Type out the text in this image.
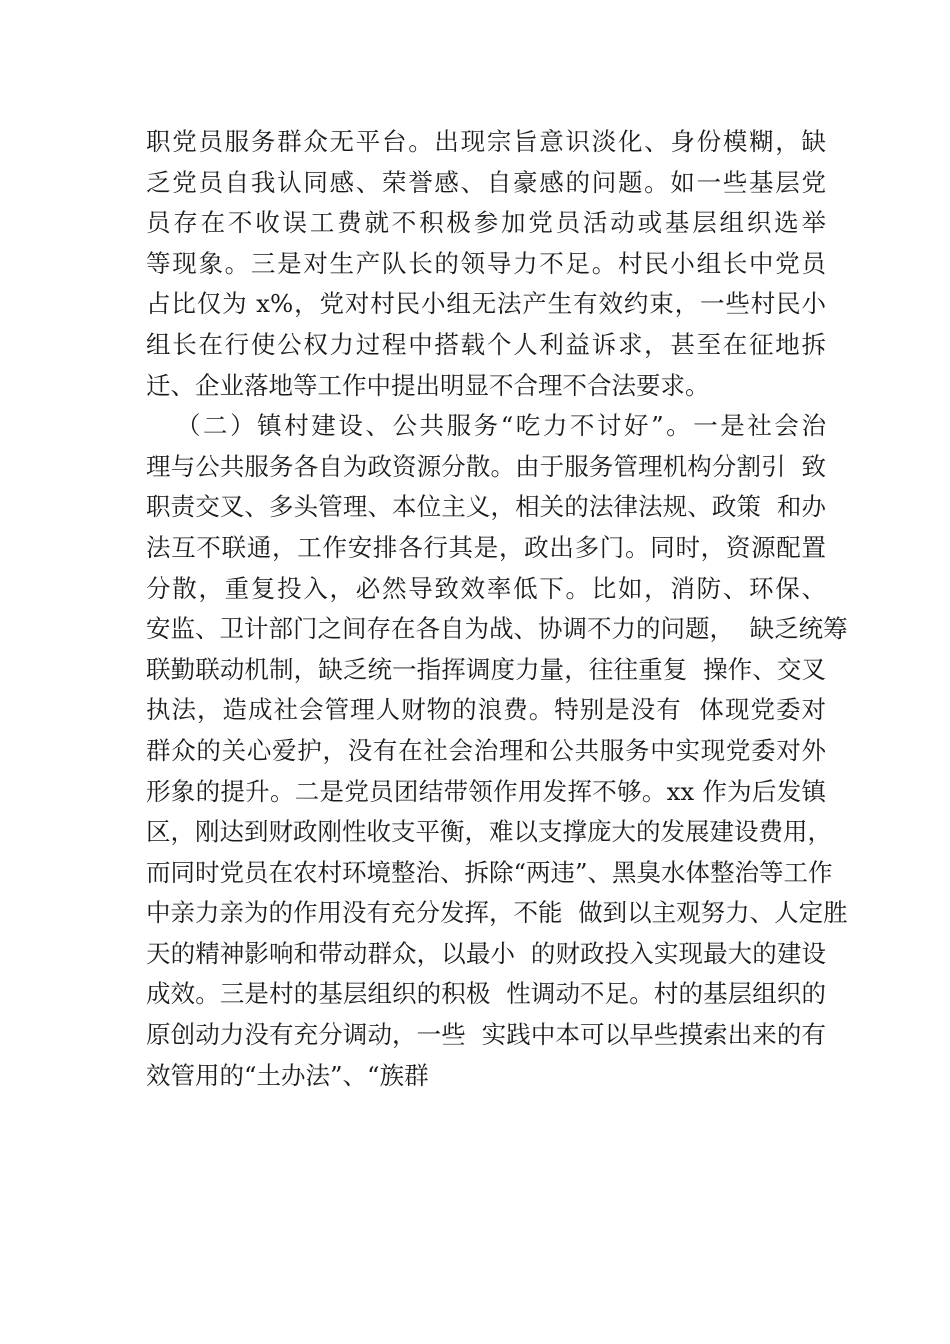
职党员服务群众无平台。出现宗旨意识淡化、身份模糊，缺
乏党员自我认同感、荣誉感、自豪感的问题。如一些基层党
员存在不收误工费就不积极参加党员活动或基层组织选举
等现象。三是对生产队长的领导力不足。村民小组长中党员
占比仅为 x%，党对村民小组无法产生有效约束，一些村民小
组长在行使公权力过程中搭载个人利益诉求，甚至在征地拆
迁、企业落地等工作中提出明显不合理不合法要求。
（二）镇村建设、公共服务“吃力不讨好”。一是社会治
理与公共服务各自为政资源分散。由于服务管理机构分割引  致
职责交叉、多头管理、本位主义，相关的法律法规、政策  和办
法互不联通，工作安排各行其是，政出多门。同时，资源配置
分散，重复投入，必然导致效率低下。比如，消防、环保、
安监、卫计部门之间存在各自为战、协调不力的问题，  缺乏统筹
联勤联动机制，缺乏统一指挥调度力量，往往重复  操作、交叉
执法，造成社会管理人财物的浪费。特别是没有  体现党委对
群众的关心爱护，没有在社会治理和公共服务中实现党委对外
形象的提升。二是党员团结带领作用发挥不够。xx 作为后发镇
区，刚达到财政刚性收支平衡，难以支撑庞大的发展建设费用，
而同时党员在农村环境整治、拆除“两违”、黑臭水体整治等工作
中亲力亲为的作用没有充分发挥，不能  做到以主观努力、人定胜
天的精神影响和带动群众，以最小  的财政投入实现最大的建设
成效。三是村的基层组织的积极  性调动不足。村的基层组织的
原创动力没有充分调动，一些  实践中本可以早些摸索出来的有
效管用的“土办法”、“族群
